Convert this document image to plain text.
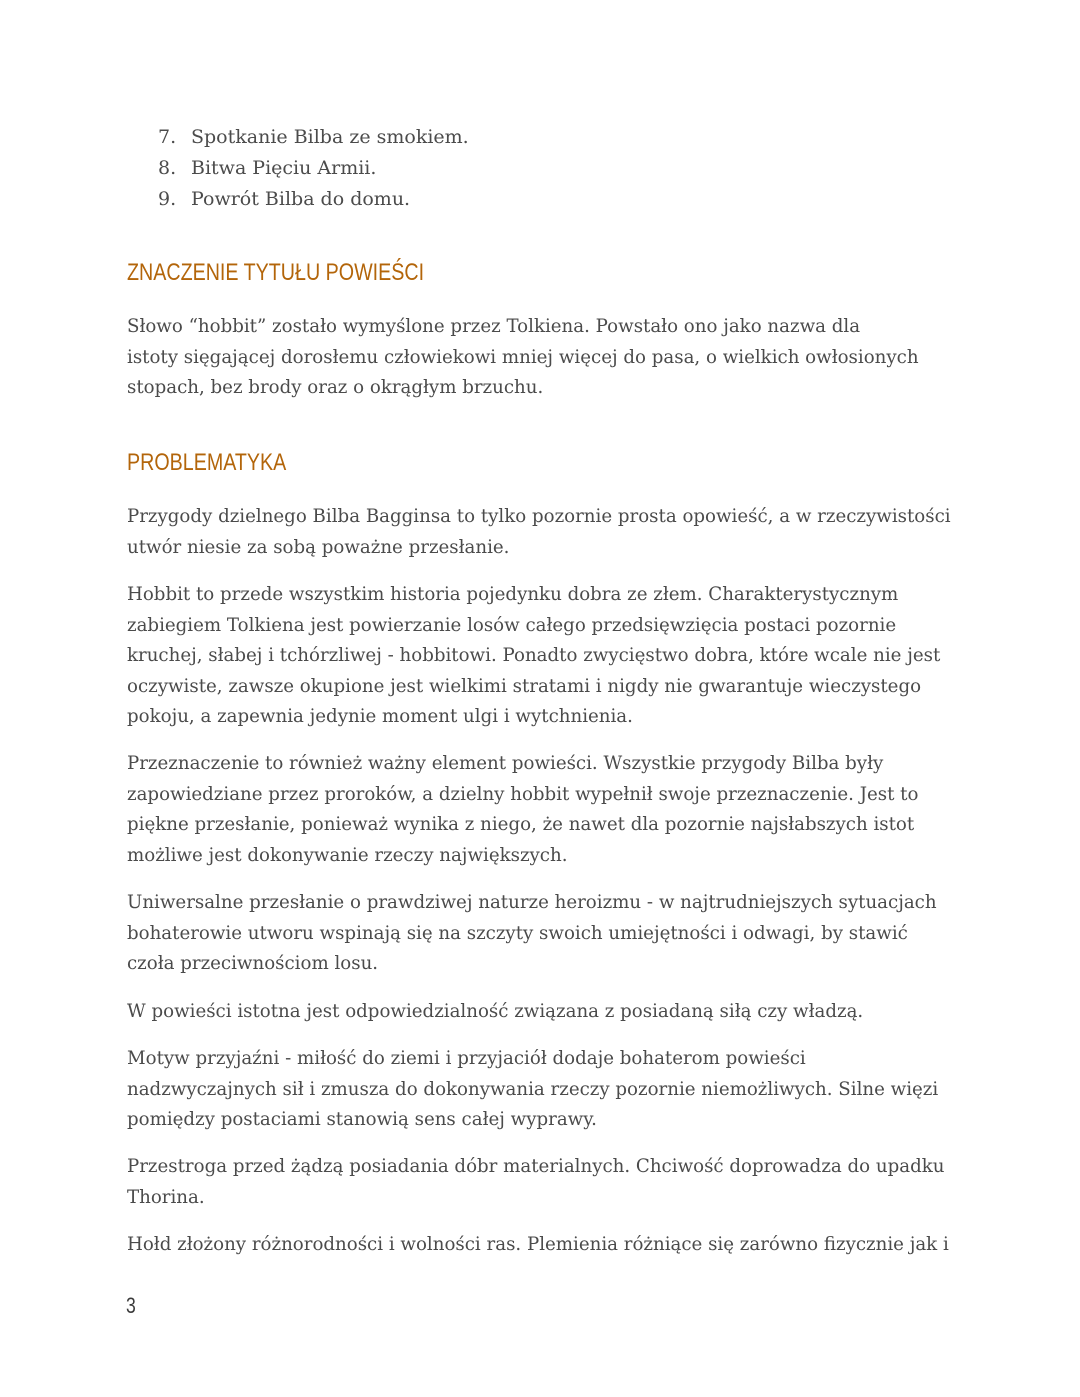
7. Spotkanie Bilba ze smokiem.
8. Bitwa Pięciu Armii.
9. Powrót Bilba do domu.
ZNACZENIE TYTUŁU POWIEŚCI

Słowo “hobbit” zostało wymyślone przez Tolkiena. Powstało ono jako nazwa dla
istoty sięgającej dorosłemu człowiekowi mniej więcej do pasa, o wielkich owłosionych
stopach, bez brody oraz o okrągłym brzuchu.

PROBLEMATYKA

Przygody dzielnego Bilba Bagginsa to tylko pozornie prosta opowieść, a w rzeczywistości
utwór niesie za sobą poważne przesłanie.

Hobbit to przede wszystkim historia pojedynku dobra ze złem. Charakterystycznym
zabiegiem Tolkiena jest powierzanie losów całego przedsięwzięcia postaci pozornie
kruchej, słabej i tchórzliwej - hobbitowi. Ponadto zwycięstwo dobra, które wcale nie jest
oczywiste, zawsze okupione jest wielkimi stratami i nigdy nie gwarantuje wieczystego
pokoju, a zapewnia jedynie moment ulgi i wytchnienia.

Przeznaczenie to również ważny element powieści. Wszystkie przygody Bilba były
zapowiedziane przez proroków, a dzielny hobbit wypełnił swoje przeznaczenie. Jest to
piękne przesłanie, ponieważ wynika z niego, że nawet dla pozornie najsłabszych istot
możliwe jest dokonywanie rzeczy największych.

Uniwersalne przesłanie o prawdziwej naturze heroizmu - w najtrudniejszych sytuacjach
bohaterowie utworu wspinają się na szczyty swoich umiejętności i odwagi, by stawić
czoła przeciwnościom losu.

W powieści istotna jest odpowiedzialność związana z posiadaną siłą czy władzą.

Motyw przyjaźni - miłość do ziemi i przyjaciół dodaje bohaterom powieści
nadzwyczajnych sił i zmusza do dokonywania rzeczy pozornie niemożliwych. Silne więzi
pomiędzy postaciami stanowią sens całej wyprawy.

Przestroga przed żądzą posiadania dóbr materialnych. Chciwość doprowadza do upadku
Thorina.

Hołd złożony różnorodności i wolności ras. Plemienia różniące się zarówno fizycznie jak i

3
